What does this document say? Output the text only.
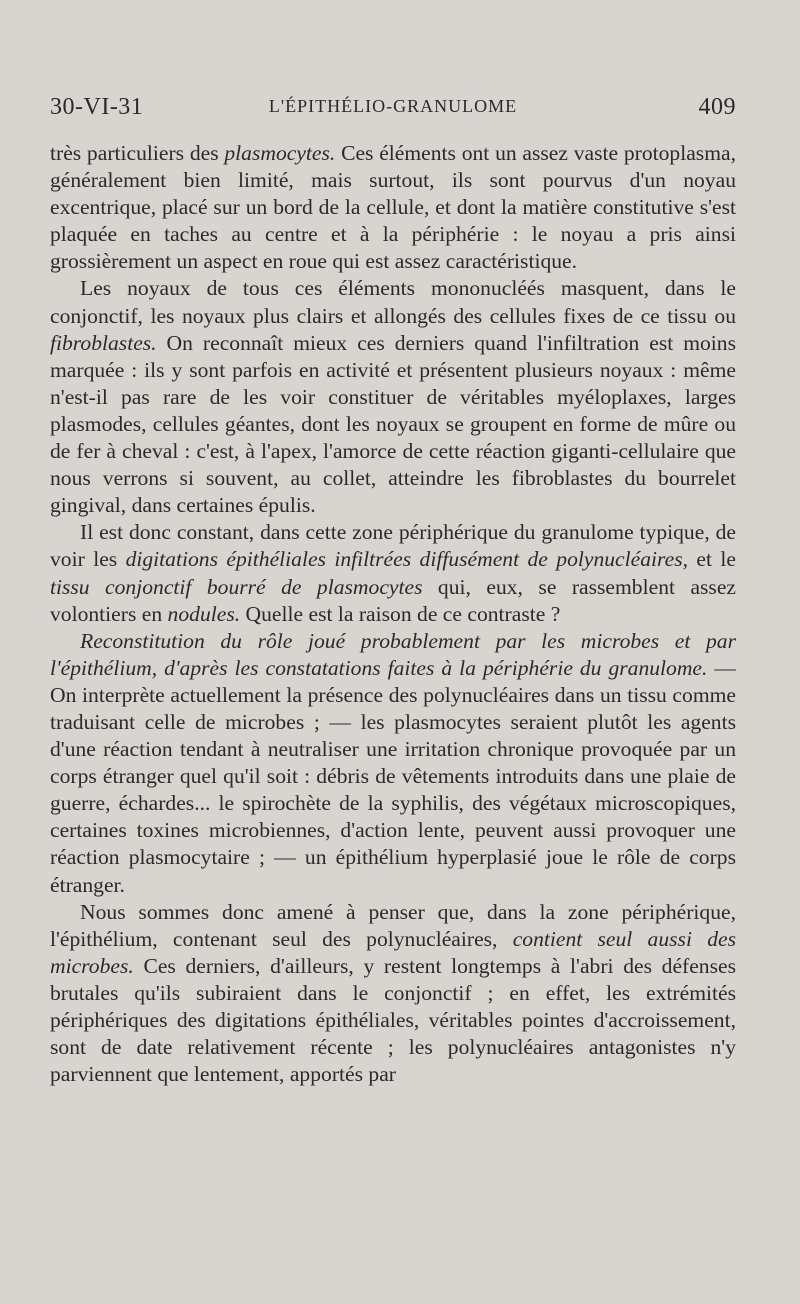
30-VI-31	L'ÉPITHÉLIO-GRANULOME	409

très particuliers des plasmocytes. Ces éléments ont un assez vaste protoplasma, généralement bien limité, mais surtout, ils sont pourvus d'un noyau excentrique, placé sur un bord de la cellule, et dont la matière constitutive s'est plaquée en taches au centre et à la périphérie : le noyau a pris ainsi grossièrement un aspect en roue qui est assez caractéristique.

Les noyaux de tous ces éléments mononucléés masquent, dans le conjonctif, les noyaux plus clairs et allongés des cellules fixes de ce tissu ou fibroblastes. On reconnaît mieux ces derniers quand l'infiltration est moins marquée : ils y sont parfois en activité et présentent plusieurs noyaux : même n'est-il pas rare de les voir constituer de véritables myéloplaxes, larges plasmodes, cellules géantes, dont les noyaux se groupent en forme de mûre ou de fer à cheval : c'est, à l'apex, l'amorce de cette réaction giganti-cellulaire que nous verrons si souvent, au collet, atteindre les fibroblastes du bourrelet gingival, dans certaines épulis.

Il est donc constant, dans cette zone périphérique du granulome typique, de voir les digitations épithéliales infiltrées diffusément de polynucléaires, et le tissu conjonctif bourré de plasmocytes qui, eux, se rassemblent assez volontiers en nodules. Quelle est la raison de ce contraste ?

Reconstitution du rôle joué probablement par les microbes et par l'épithélium, d'après les constatations faites à la périphérie du granulome. — On interprète actuellement la présence des polynucléaires dans un tissu comme traduisant celle de microbes ; — les plasmocytes seraient plutôt les agents d'une réaction tendant à neutraliser une irritation chronique provoquée par un corps étranger quel qu'il soit : débris de vêtements introduits dans une plaie de guerre, échardes... le spirochète de la syphilis, des végétaux microscopiques, certaines toxines microbiennes, d'action lente, peuvent aussi provoquer une réaction plasmocytaire ; — un épithélium hyperplasié joue le rôle de corps étranger.

Nous sommes donc amené à penser que, dans la zone périphérique, l'épithélium, contenant seul des polynucléaires, contient seul aussi des microbes. Ces derniers, d'ailleurs, y restent longtemps à l'abri des défenses brutales qu'ils subiraient dans le conjonctif ; en effet, les extrémités périphériques des digitations épithéliales, véritables pointes d'accroissement, sont de date relativement récente ; les polynucléaires antagonistes n'y parviennent que lentement, apportés par
